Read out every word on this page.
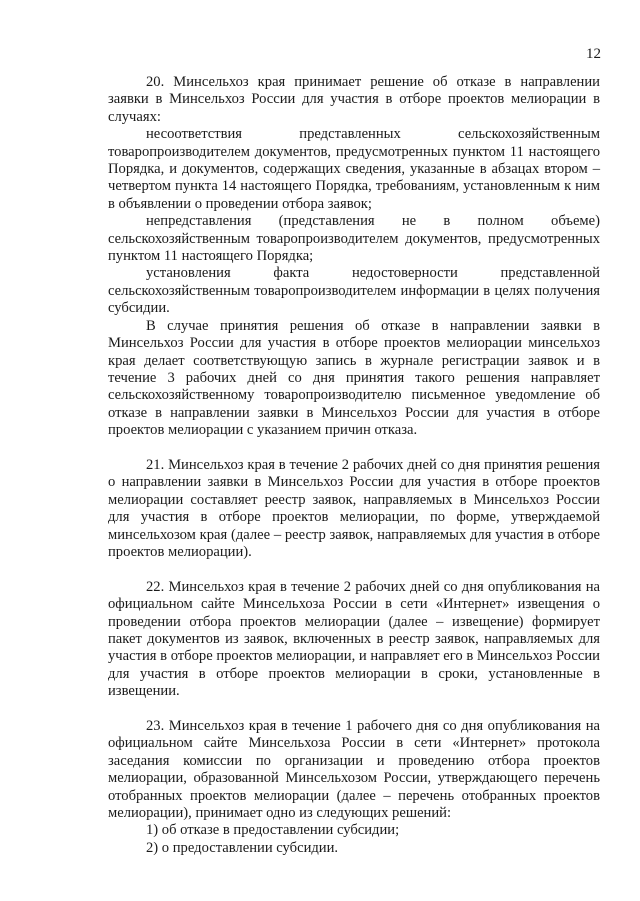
12

20. Минсельхоз края принимает решение об отказе в направлении заявки в Минсельхоз России для участия в отборе проектов мелиорации в случаях:

несоответствия представленных сельскохозяйственным товаропроизводителем документов, предусмотренных пунктом 11 настоящего Порядка, и документов, содержащих сведения, указанные в абзацах втором – четвертом пункта 14 настоящего Порядка, требованиям, установленным к ним в объявлении о проведении отбора заявок;

непредставления (представления не в полном объеме) сельскохозяйственным товаропроизводителем документов, предусмотренных пунктом 11 настоящего Порядка;

установления факта недостоверности представленной сельскохозяйственным товаропроизводителем информации в целях получения субсидии.

В случае принятия решения об отказе в направлении заявки в Минсельхоз России для участия в отборе проектов мелиорации минсельхоз края делает соответствующую запись в журнале регистрации заявок и в течение 3 рабочих дней со дня принятия такого решения направляет сельскохозяйственному товаропроизводителю письменное уведомление об отказе в направлении заявки в Минсельхоз России для участия в отборе проектов мелиорации с указанием причин отказа.

21. Минсельхоз края в течение 2 рабочих дней со дня принятия решения о направлении заявки в Минсельхоз России для участия в отборе проектов мелиорации составляет реестр заявок, направляемых в Минсельхоз России для участия в отборе проектов мелиорации, по форме, утверждаемой минсельхозом края (далее – реестр заявок, направляемых для участия в отборе проектов мелиорации).

22. Минсельхоз края в течение 2 рабочих дней со дня опубликования на официальном сайте Минсельхоза России в сети «Интернет» извещения о проведении отбора проектов мелиорации (далее – извещение) формирует пакет документов из заявок, включенных в реестр заявок, направляемых для участия в отборе проектов мелиорации, и направляет его в Минсельхоз России для участия в отборе проектов мелиорации в сроки, установленные в извещении.

23. Минсельхоз края в течение 1 рабочего дня со дня опубликования на официальном сайте Минсельхоза России в сети «Интернет» протокола заседания комиссии по организации и проведению отбора проектов мелиорации, образованной Минсельхозом России, утверждающего перечень отобранных проектов мелиорации (далее – перечень отобранных проектов мелиорации), принимает одно из следующих решений:

1) об отказе в предоставлении субсидии;

2) о предоставлении субсидии.
